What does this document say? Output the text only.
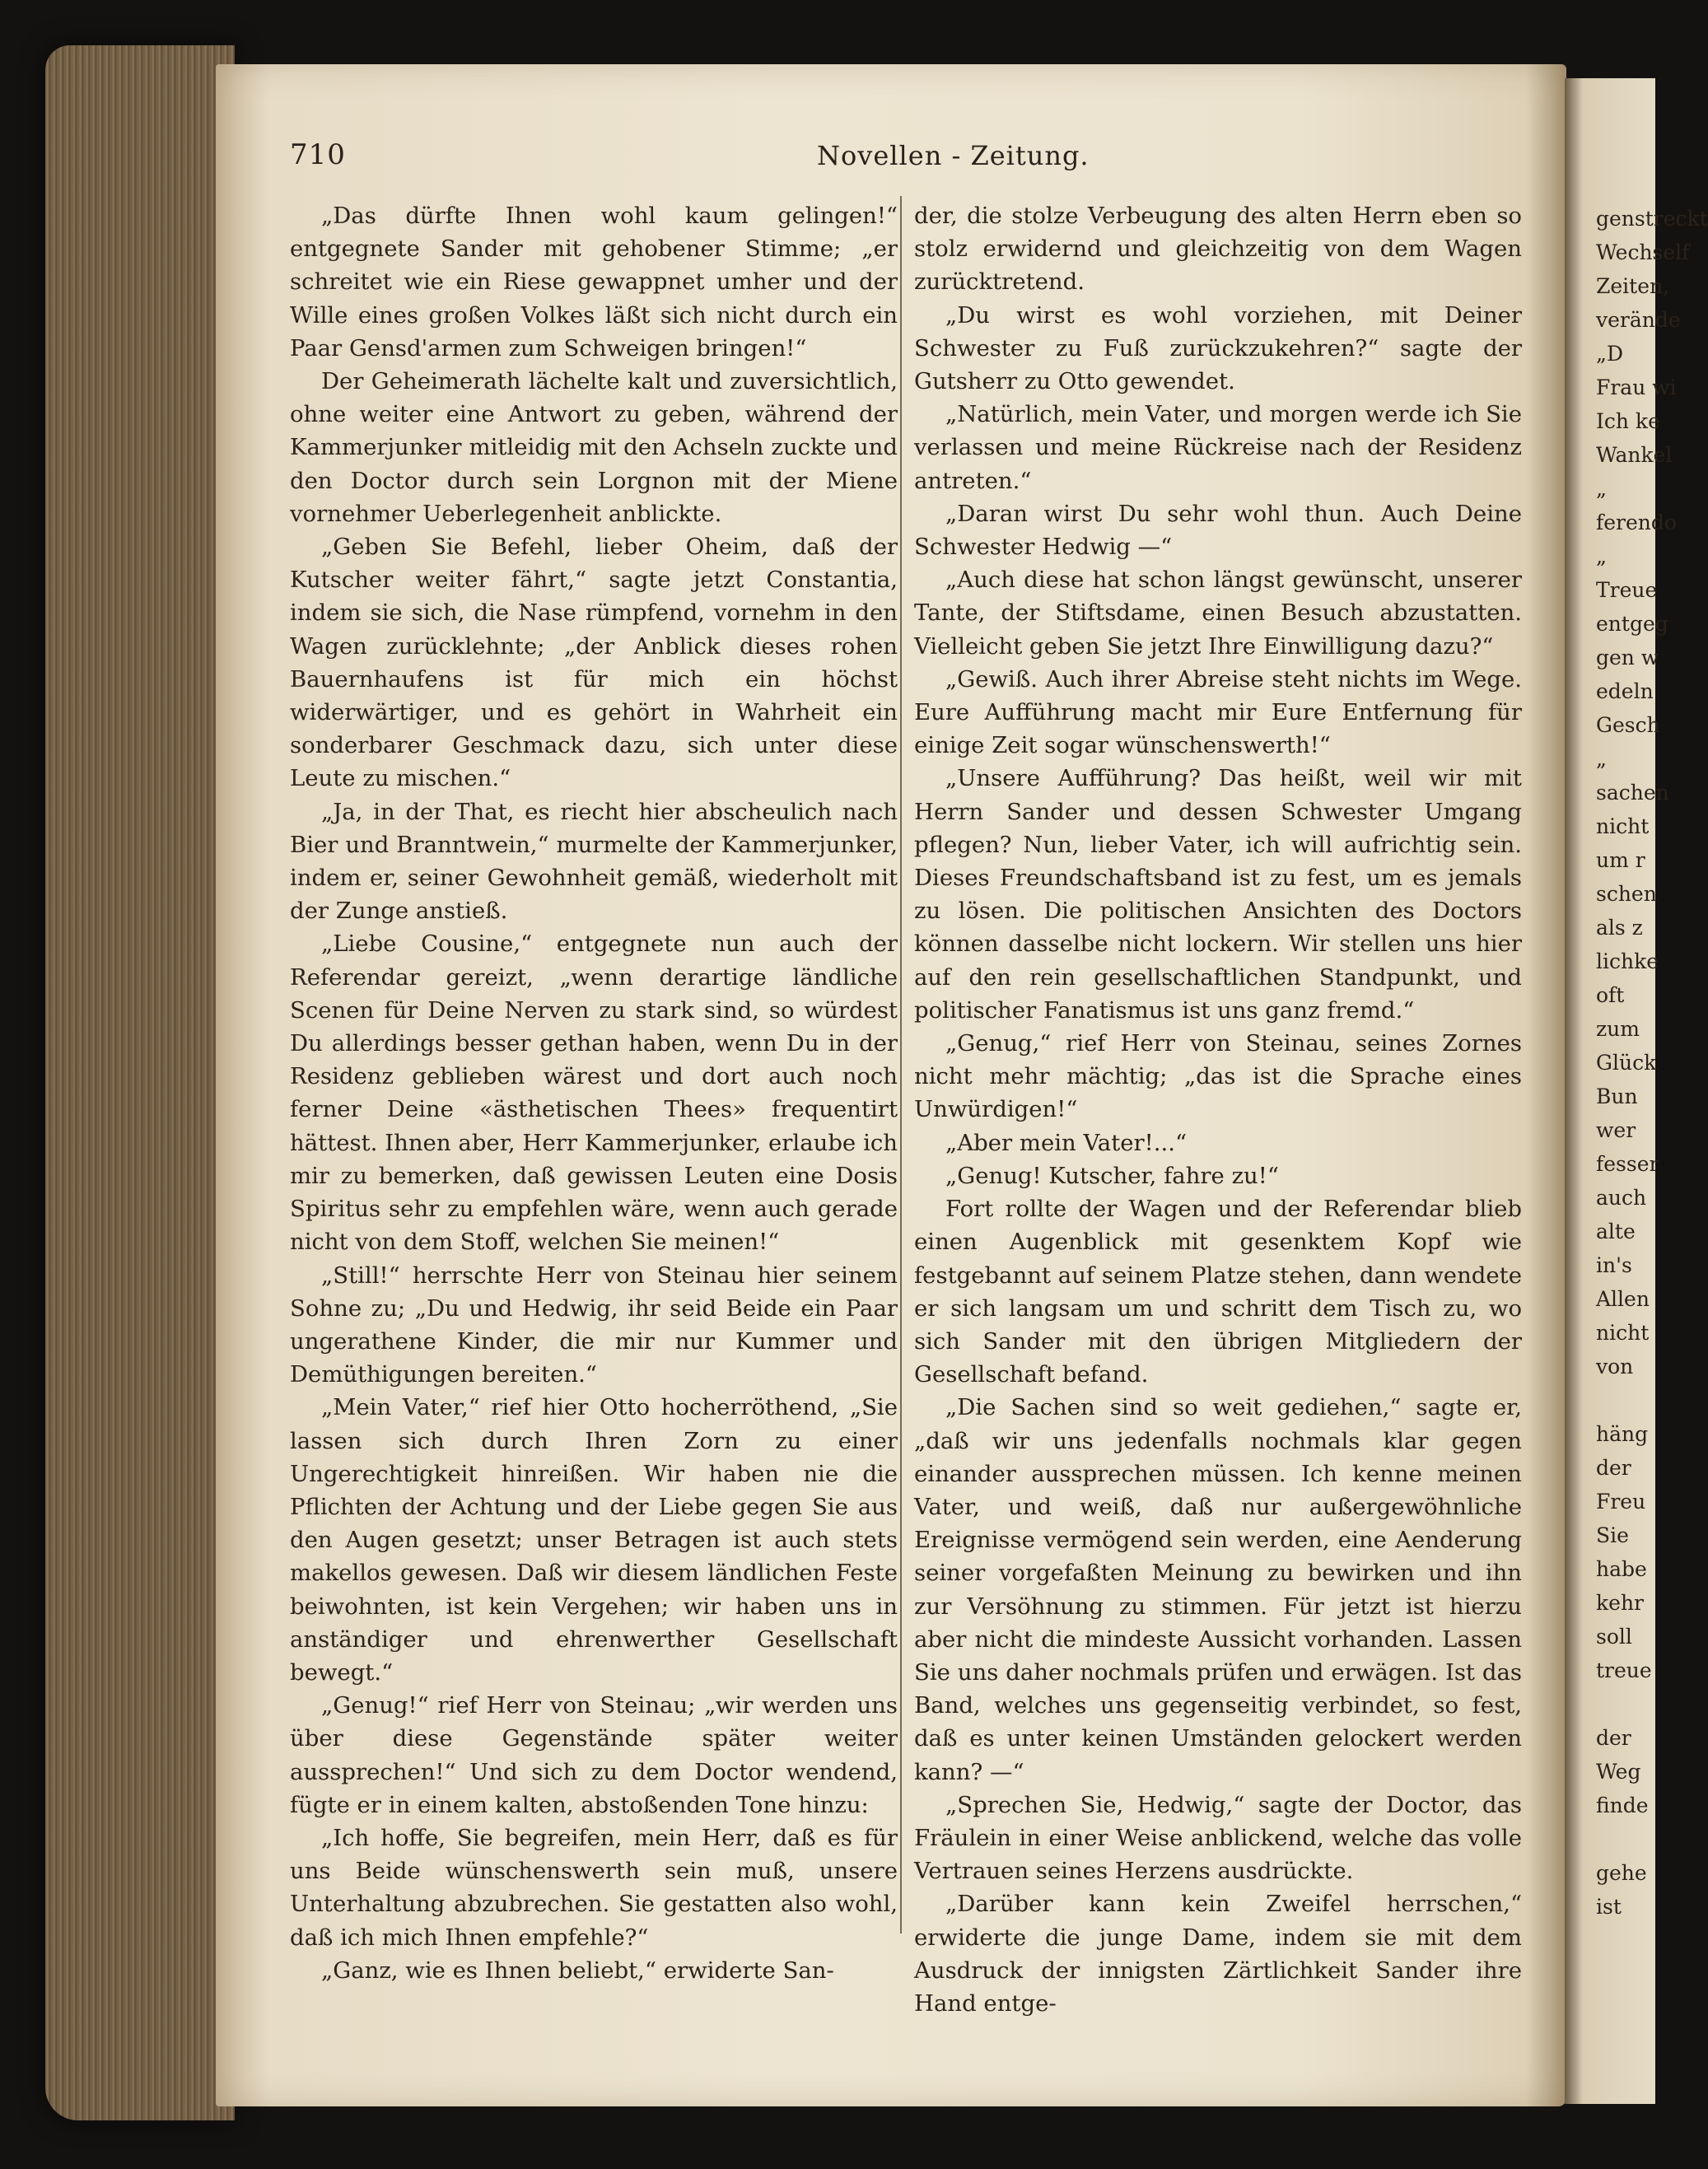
genstreckt
Wechself
Zeiten,
verände
„D
Frau wi
Ich ke
Wankel
„
ferendo
„
Treue
entgeg
gen w
edeln
Gesch
„
sachen
nicht
um r
schen
als z
lichke
oft
zum
Glück
Bun
wer
fesser
auch
alte
in's
Allen
nicht
von

häng
der
Freu
Sie
habe
kehr
soll
treue

der
Weg
finde

gehe
ist
710	Novellen - Zeitung.

„Das dürfte Ihnen wohl kaum gelingen!“ entgegnete Sander mit gehobener Stimme; „er schreitet wie ein Riese gewappnet umher und der Wille eines großen Volkes läßt sich nicht durch ein Paar Gensd'armen zum Schweigen bringen!“

Der Geheimerath lächelte kalt und zuversichtlich, ohne weiter eine Antwort zu geben, während der Kammerjunker mitleidig mit den Achseln zuckte und den Doctor durch sein Lorgnon mit der Miene vornehmer Ueberlegenheit anblickte.

„Geben Sie Befehl, lieber Oheim, daß der Kutscher weiter fährt,“ sagte jetzt Constantia, indem sie sich, die Nase rümpfend, vornehm in den Wagen zurücklehnte; „der Anblick dieses rohen Bauernhaufens ist für mich ein höchst widerwärtiger, und es gehört in Wahrheit ein sonderbarer Geschmack dazu, sich unter diese Leute zu mischen.“

„Ja, in der That, es riecht hier abscheulich nach Bier und Branntwein,“ murmelte der Kammerjunker, indem er, seiner Gewohnheit gemäß, wiederholt mit der Zunge anstieß.

„Liebe Cousine,“ entgegnete nun auch der Referendar gereizt, „wenn derartige ländliche Scenen für Deine Nerven zu stark sind, so würdest Du allerdings besser gethan haben, wenn Du in der Residenz geblieben wärest und dort auch noch ferner Deine «ästhetischen Thees» frequentirt hättest. Ihnen aber, Herr Kammerjunker, erlaube ich mir zu bemerken, daß gewissen Leuten eine Dosis Spiritus sehr zu empfehlen wäre, wenn auch gerade nicht von dem Stoff, welchen Sie meinen!“

„Still!“ herrschte Herr von Steinau hier seinem Sohne zu; „Du und Hedwig, ihr seid Beide ein Paar ungerathene Kinder, die mir nur Kummer und Demüthigungen bereiten.“

„Mein Vater,“ rief hier Otto hocherröthend, „Sie lassen sich durch Ihren Zorn zu einer Ungerechtigkeit hinreißen. Wir haben nie die Pflichten der Achtung und der Liebe gegen Sie aus den Augen gesetzt; unser Betragen ist auch stets makellos gewesen. Daß wir diesem ländlichen Feste beiwohnten, ist kein Vergehen; wir haben uns in anständiger und ehrenwerther Gesellschaft bewegt.“

„Genug!“ rief Herr von Steinau; „wir werden uns über diese Gegenstände später weiter aussprechen!“ Und sich zu dem Doctor wendend, fügte er in einem kalten, abstoßenden Tone hinzu:

„Ich hoffe, Sie begreifen, mein Herr, daß es für uns Beide wünschenswerth sein muß, unsere Unterhaltung abzubrechen. Sie gestatten also wohl, daß ich mich Ihnen empfehle?“

„Ganz, wie es Ihnen beliebt,“ erwiderte San-

der, die stolze Verbeugung des alten Herrn eben so stolz erwidernd und gleichzeitig von dem Wagen zurücktretend.

„Du wirst es wohl vorziehen, mit Deiner Schwester zu Fuß zurückzukehren?“ sagte der Gutsherr zu Otto gewendet.

„Natürlich, mein Vater, und morgen werde ich Sie verlassen und meine Rückreise nach der Residenz antreten.“

„Daran wirst Du sehr wohl thun. Auch Deine Schwester Hedwig —“

„Auch diese hat schon längst gewünscht, unserer Tante, der Stiftsdame, einen Besuch abzustatten. Vielleicht geben Sie jetzt Ihre Einwilligung dazu?“

„Gewiß. Auch ihrer Abreise steht nichts im Wege. Eure Aufführung macht mir Eure Entfernung für einige Zeit sogar wünschenswerth!“

„Unsere Aufführung? Das heißt, weil wir mit Herrn Sander und dessen Schwester Umgang pflegen? Nun, lieber Vater, ich will aufrichtig sein. Dieses Freundschaftsband ist zu fest, um es jemals zu lösen. Die politischen Ansichten des Doctors können dasselbe nicht lockern. Wir stellen uns hier auf den rein gesellschaftlichen Standpunkt, und politischer Fanatismus ist uns ganz fremd.“

„Genug,“ rief Herr von Steinau, seines Zornes nicht mehr mächtig; „das ist die Sprache eines Unwürdigen!“

„Aber mein Vater!...“

„Genug! Kutscher, fahre zu!“

Fort rollte der Wagen und der Referendar blieb einen Augenblick mit gesenktem Kopf wie festgebannt auf seinem Platze stehen, dann wendete er sich langsam um und schritt dem Tisch zu, wo sich Sander mit den übrigen Mitgliedern der Gesellschaft befand.

„Die Sachen sind so weit gediehen,“ sagte er, „daß wir uns jedenfalls nochmals klar gegen einander aussprechen müssen. Ich kenne meinen Vater, und weiß, daß nur außergewöhnliche Ereignisse vermögend sein werden, eine Aenderung seiner vorgefaßten Meinung zu bewirken und ihn zur Versöhnung zu stimmen. Für jetzt ist hierzu aber nicht die mindeste Aussicht vorhanden. Lassen Sie uns daher nochmals prüfen und erwägen. Ist das Band, welches uns gegenseitig verbindet, so fest, daß es unter keinen Umständen gelockert werden kann? —“

„Sprechen Sie, Hedwig,“ sagte der Doctor, das Fräulein in einer Weise anblickend, welche das volle Vertrauen seines Herzens ausdrückte.

„Darüber kann kein Zweifel herrschen,“ erwiderte die junge Dame, indem sie mit dem Ausdruck der innigsten Zärtlichkeit Sander ihre Hand entge-
